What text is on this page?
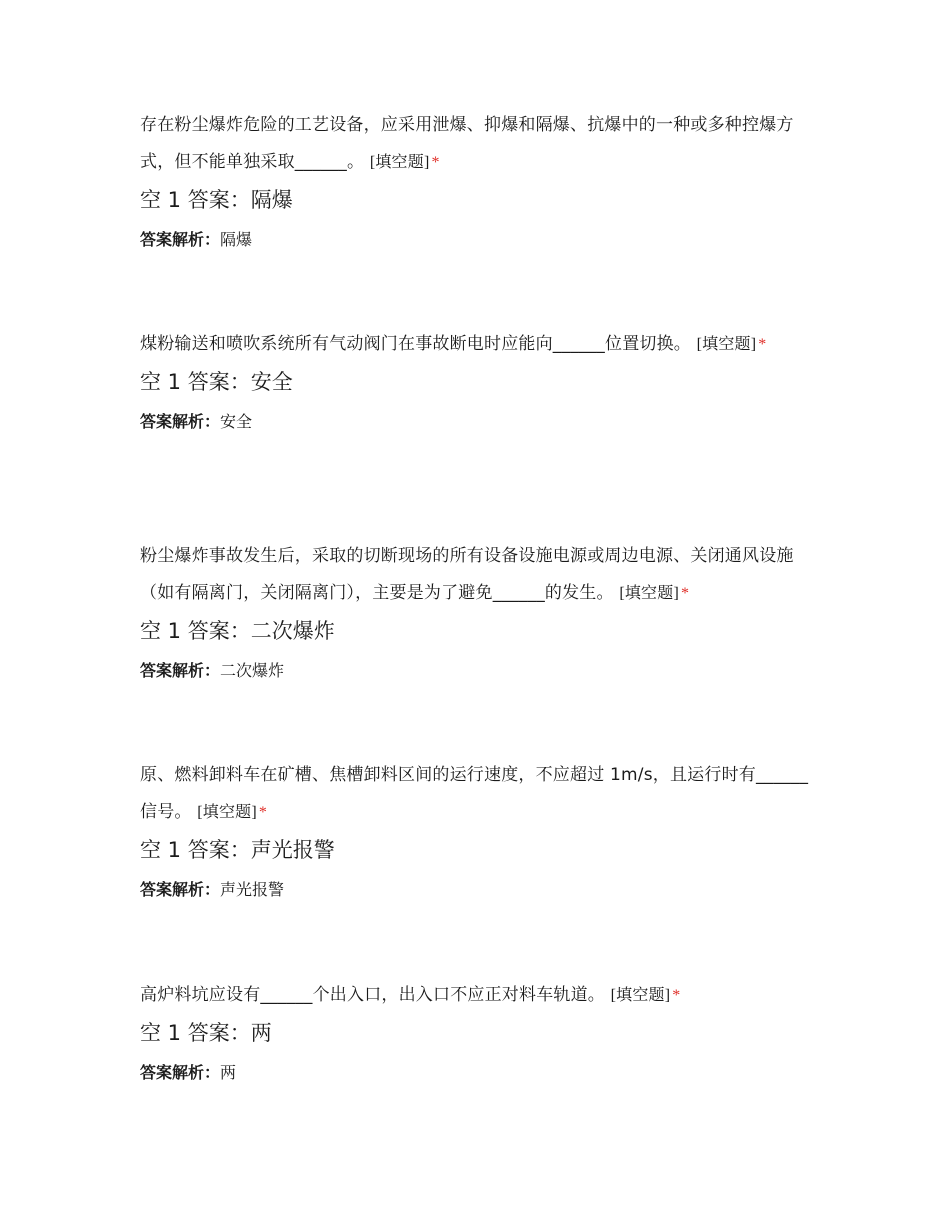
存在粉尘爆炸危险的工艺设备，应采用泄爆、抑爆和隔爆、抗爆中的一种或多种控爆方式，但不能单独采取______。 [填空题] *

空 1 答案：隔爆
答案解析：隔爆

煤粉输送和喷吹系统所有气动阀门在事故断电时应能向______位置切换。 [填空题] *

空 1 答案：安全
答案解析：安全

粉尘爆炸事故发生后，采取的切断现场的所有设备设施电源或周边电源、关闭通风设施（如有隔离门，关闭隔离门），主要是为了避免______的发生。 [填空题] *

空 1 答案：二次爆炸
答案解析：二次爆炸

原、燃料卸料车在矿槽、焦槽卸料区间的运行速度，不应超过 1m/s，且运行时有______信号。 [填空题] *

空 1 答案：声光报警
答案解析：声光报警

高炉料坑应设有______个出入口，出入口不应正对料车轨道。 [填空题] *

空 1 答案：两
答案解析：两
